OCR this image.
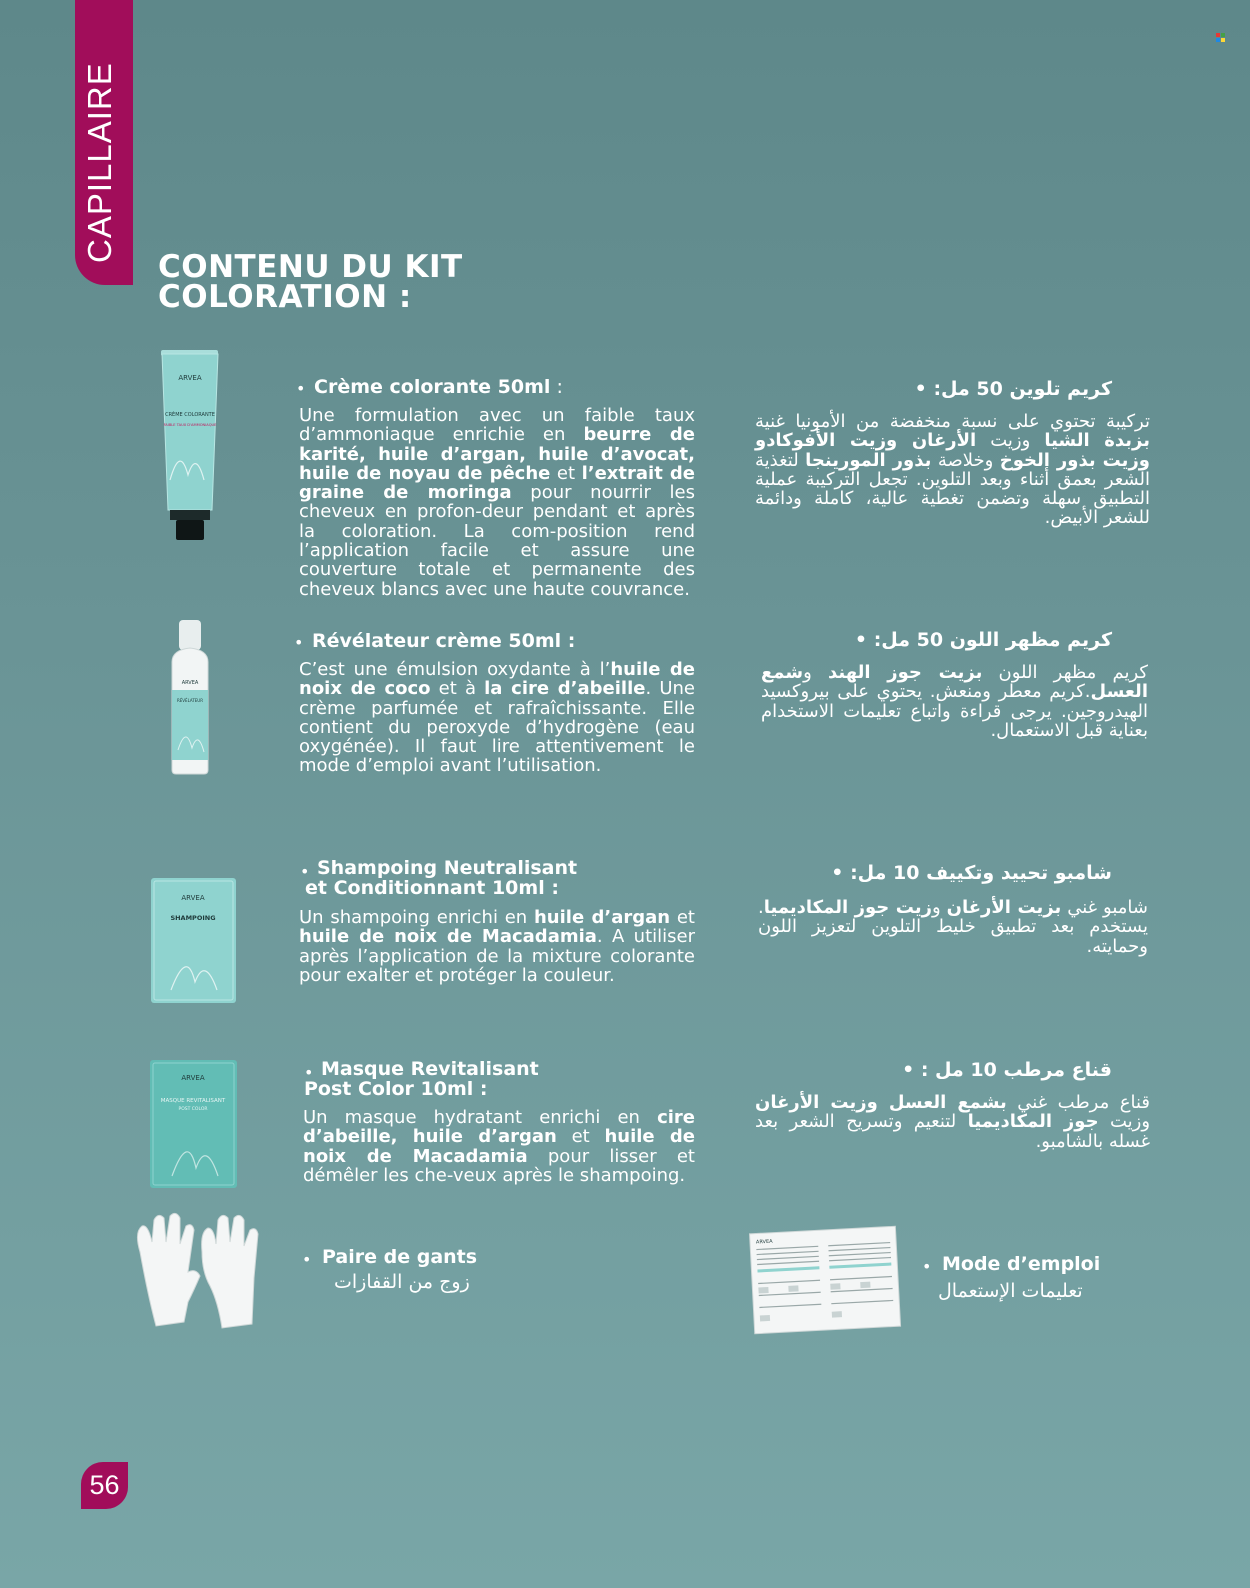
CAPILLAIRE
CONTENU DU KIT
COLORATION :
ARVEA
CRÈME COLORANTE
FAIBLE TAUX D'AMMONIAQUE
• Crème colorante 50ml :

Une formulation avec un faible taux d’ammoniaque enrichie en beurre de karité, huile d’argan, huile d’avocat, huile de noyau de pêche et l’extrait de graine de moringa pour nourrir les cheveux en profon-deur pendant et après la coloration. La com-position rend l’application facile et assure une couverture totale et permanente des cheveux blancs avec une haute couvrance.

كريم تلوين 50 مل: •

تركيبة تحتوي على نسبة منخفضة من الأمونيا غنية بزبدة الشيا وزيت الأرغان وزيت الأفوكادو وزيت بذور الخوخ وخلاصة بذور المورينجا لتغذية الشعر بعمق أثناء وبعد التلوين. تجعل التركيبة عملية التطبيق سهلة وتضمن تغطية عالية، كاملة ودائمة للشعر الأبيض.

ARVEA
RÉVÉLATEUR
• Révélateur crème 50ml :

C’est une émulsion oxydante à l’huile de noix de coco et à la cire d’abeille. Une crème parfumée et rafraîchissante. Elle contient du peroxyde d’hydrogène (eau oxygénée). Il faut lire attentivement le mode d’emploi avant l’utilisation.

كريم مظهر اللون 50 مل: •

كريم مظهر اللون بزيت جوز الهند وشمع العسل.كريم معطر ومنعش. يحتوي على بيروكسيد الهيدروجين. يرجى قراءة واتباع تعليمات الاستخدام بعناية قبل الاستعمال.

ARVEA
SHAMPOING
• Shampoing Neutralisant
et Conditionnant 10ml :

Un shampoing enrichi en huile d’argan et huile de noix de Macadamia. A utiliser après l’application de la mixture colorante pour exalter et protéger la couleur.

شامبو تحييد وتكييف 10 مل: •

شامبو غني بزيت الأرغان وزيت جوز المكاديميا. يستخدم بعد تطبيق خليط التلوين لتعزيز اللون وحمايته.

ARVEA
MASQUE REVITALISANT
POST COLOR
• Masque Revitalisant
Post Color 10ml :

Un masque hydratant enrichi en cire d’abeille, huile d’argan et huile de noix de Macadamia pour lisser et démêler les che-veux après le shampoing.

قناع مرطب 10 مل : •

قناع مرطب غني بشمع العسل وزيت الأرغان وزيت جوز المكاديميا لتنعيم وتسريح الشعر بعد غسله بالشامبو.

• Paire de gants
زوج من القفازات
ARVEA
• Mode d’emploi
تعليمات الإستعمال
56
